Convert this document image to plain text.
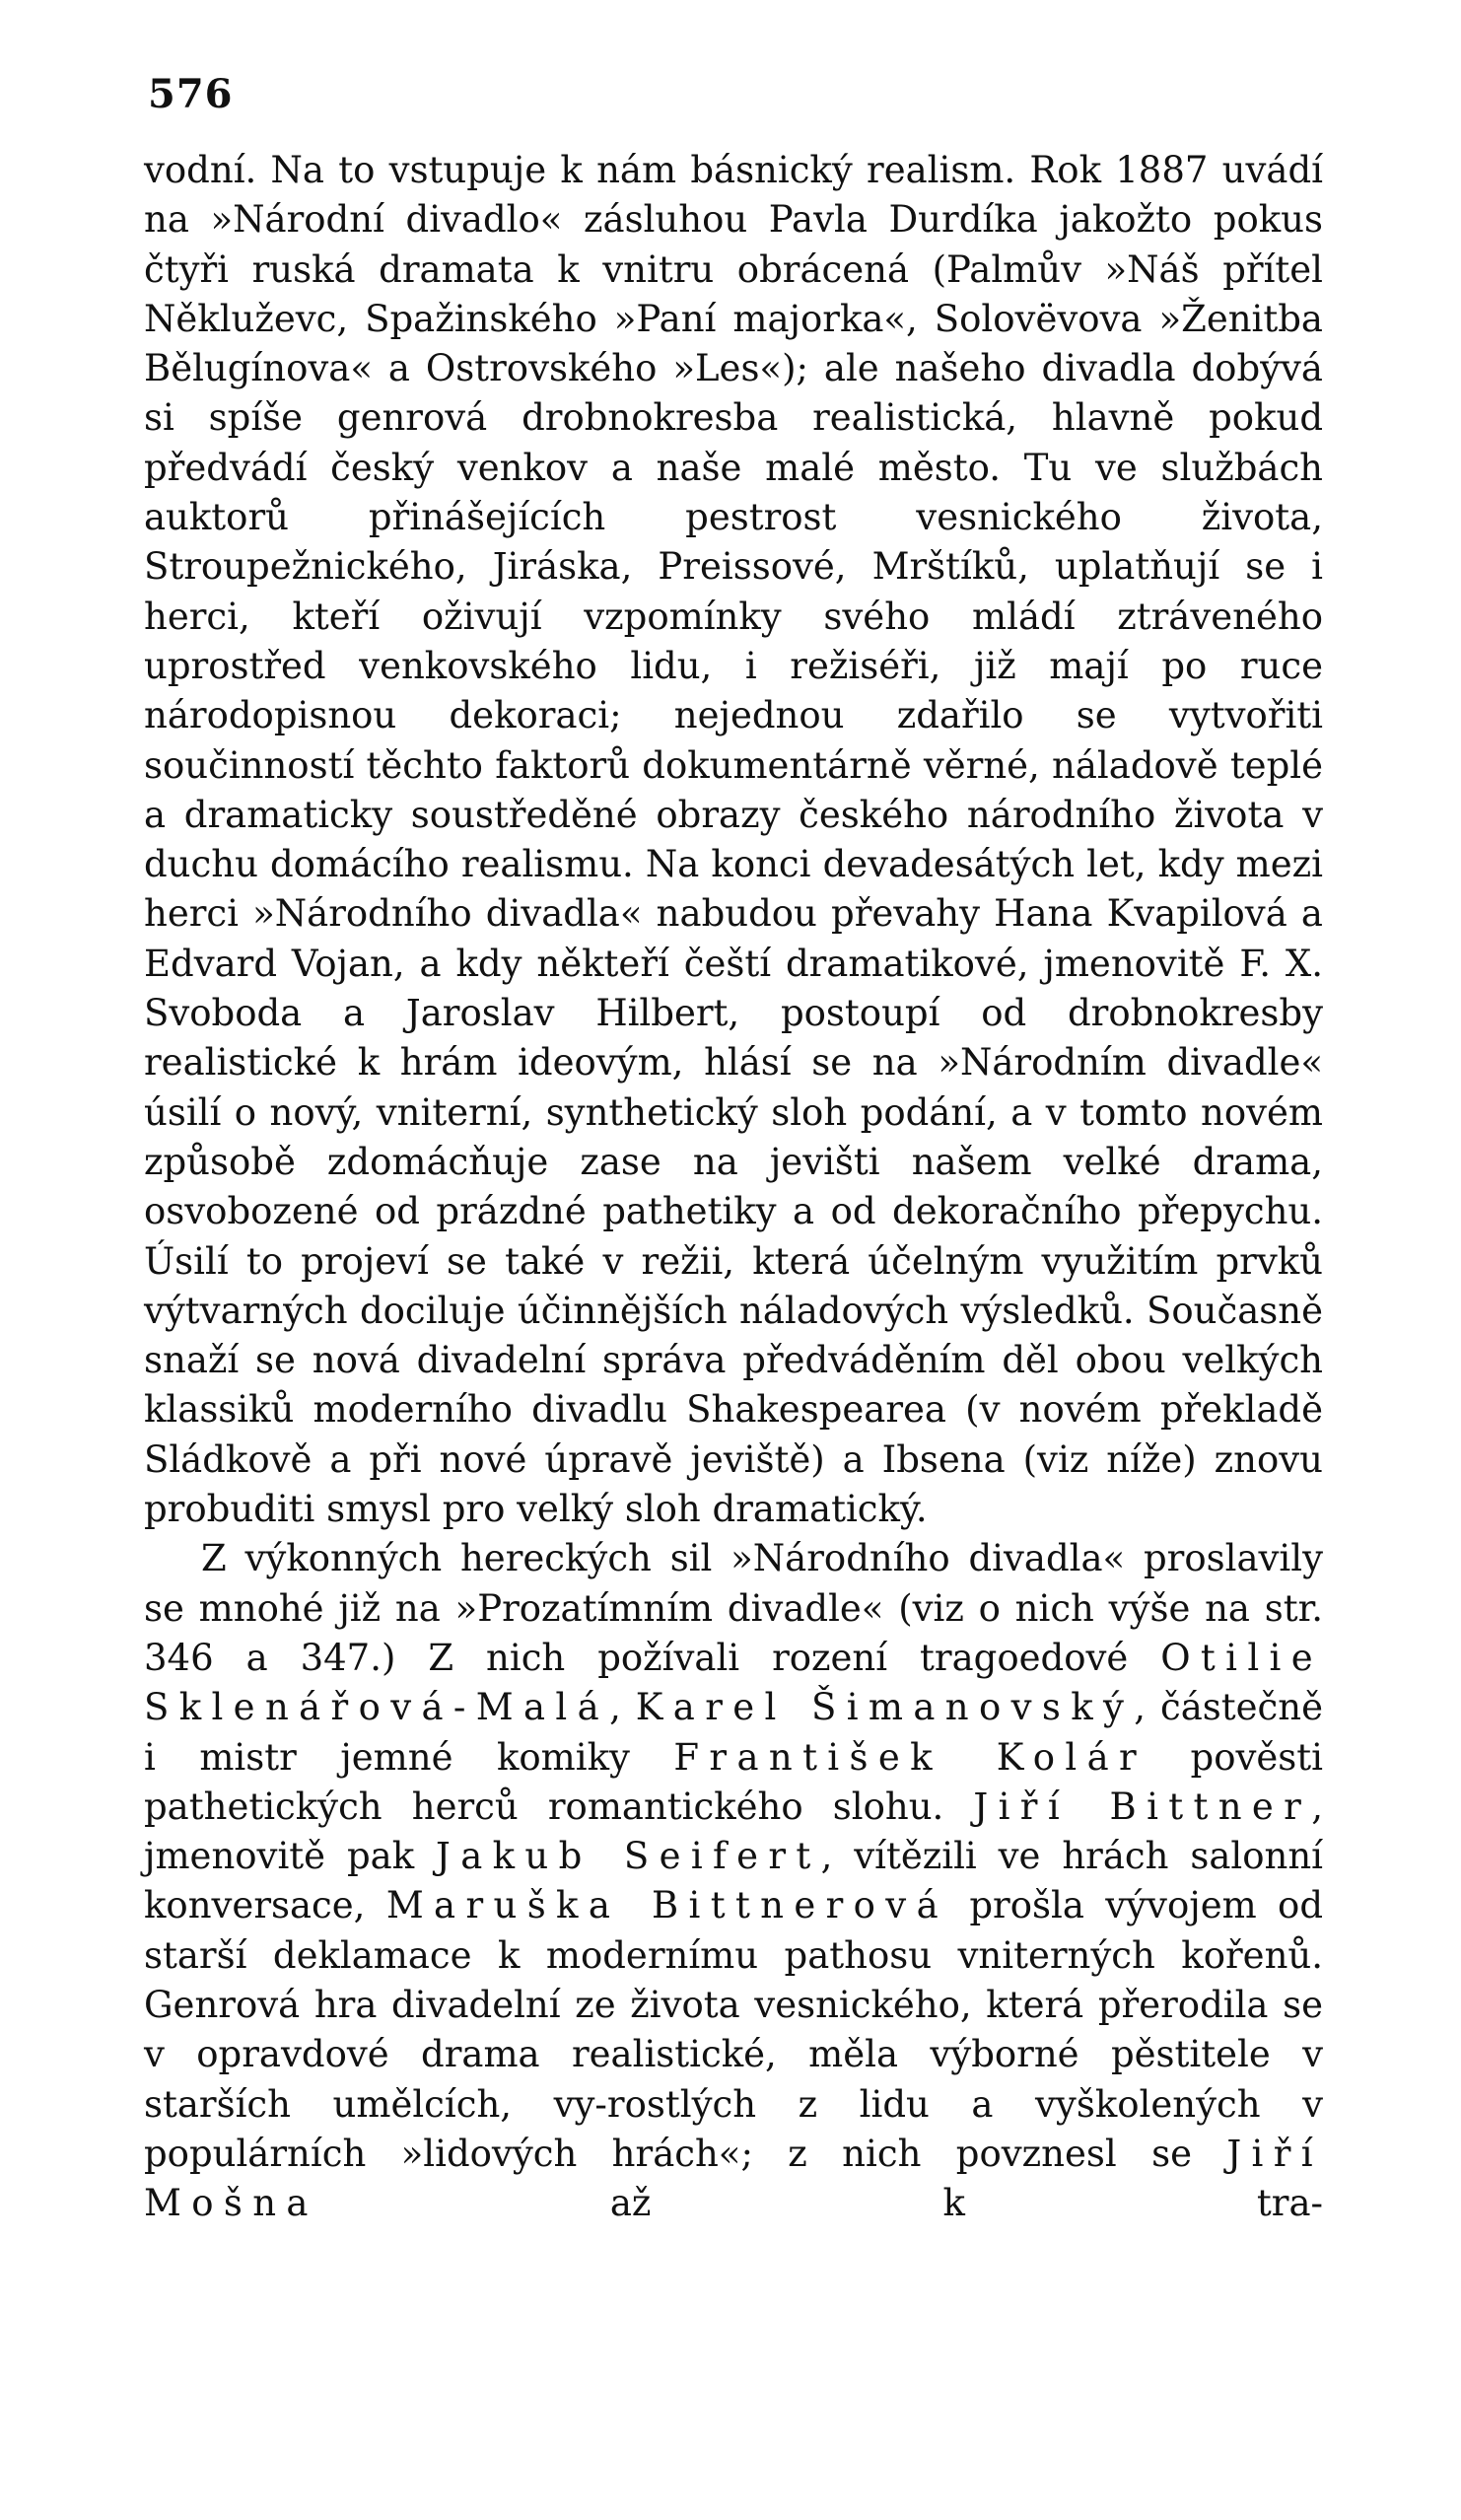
576

vodní. Na to vstupuje k nám básnický realism. Rok 1887 uvádí na »Národní divadlo« zásluhou Pavla Durdíka jakožto pokus čtyři ruská dramata k vnitru obrácená (Palmův »Náš přítel Někluževc, Spažinského »Paní majorka«, Solovëvova »Ženitba Bělugínova« a Ostrovského »Les«); ale našeho divadla dobývá si spíše genrová drobnokresba realistická, hlavně pokud předvádí český venkov a naše malé město. Tu ve službách auktorů přinášejících pestrost vesnického života, Stroupežnického, Jiráska, Preissové, Mrštíků, uplatňují se i herci, kteří oživují vzpomínky svého mládí ztráveného uprostřed venkovského lidu, i režiséři, již mají po ruce národopisnou dekoraci; nejednou zdařilo se vytvořiti součinností těchto faktorů dokumentárně věrné, náladově teplé a dramaticky soustředěné obrazy českého národního života v duchu domácího realismu. Na konci devadesátých let, kdy mezi herci »Národního divadla« nabudou převahy Hana Kvapilová a Edvard Vojan, a kdy někteří čeští dramatikové, jmenovitě F. X. Svoboda a Jaroslav Hilbert, postoupí od drobnokresby realistické k hrám ideovým, hlásí se na »Národním divadle« úsilí o nový, vniterní, synthetický sloh podání, a v tomto novém způsobě zdomácňuje zase na jevišti našem velké drama, osvobozené od prázdné pathetiky a od dekoračního přepychu. Úsilí to projeví se také v režii, která účelným využitím prvků výtvarných dociluje účinnějších náladových výsledků. Současně snaží se nová divadelní správa předváděním děl obou velkých klassiků moderního divadlu Shakespearea (v novém překladě Sládkově a při nové úpravě jeviště) a Ibsena (viz níže) znovu probuditi smysl pro velký sloh dramatický.

Z výkonných hereckých sil »Národního divadla« proslavily se mnohé již na »Prozatímním divadle« (viz o nich výše na str. 346 a 347.) Z nich požívali rození tragoedové Otilie Sklenářová-Malá, Karel Šimanovský, částečně i mistr jemné komiky František Kolár pověsti pathetických herců romantického slohu. Jiří Bittner, jmenovitě pak Jakub Seifert, vítězili ve hrách salonní konversace, Maruška Bittnerová prošla vývojem od starší deklamace k modernímu pathosu vniterných kořenů. Genrová hra divadelní ze života vesnického, která přerodila se v opravdové drama realistické, měla výborné pěstitele v starších umělcích, vy-rostlých z lidu a vyškolených v populárních »lidových hrách«; z nich povznesl se Jiří Mošna až k tra-
